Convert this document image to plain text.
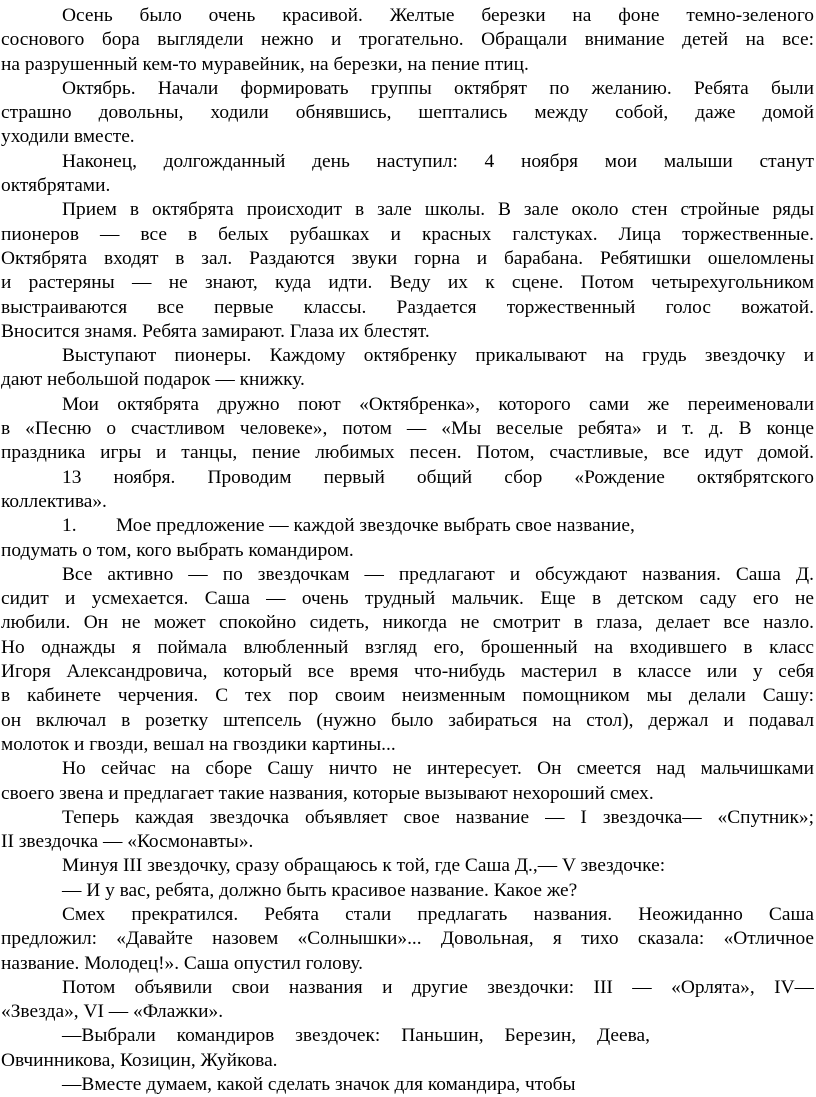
Осень было очень красивой. Желтые березки на фоне темно-зеленого
соснового бора выглядели нежно и трогательно. Обращали внимание детей на все:
на разрушенный кем-то муравейник, на березки, на пение птиц.
Октябрь. Начали формировать группы октябрят по желанию. Ребята были
страшно довольны, ходили обнявшись, шептались между собой, даже домой
уходили вместе.
Наконец, долгожданный день наступил: 4 ноября мои малыши станут
октябрятами.
Прием в октябрята происходит в зале школы. В зале около стен стройные ряды
пионеров — все в белых рубашках и красных галстуках. Лица торжественные.
Октябрята входят в зал. Раздаются звуки горна и барабана. Ребятишки ошеломлены
и растеряны — не знают, куда идти. Веду их к сцене. Потом четырехугольником
выстраиваются все первые классы. Раздается торжественный голос вожатой.
Вносится знамя. Ребята замирают. Глаза их блестят.
Выступают пионеры. Каждому октябренку прикалывают на грудь звездочку и
дают небольшой подарок — книжку.
Мои октябрята дружно поют «Октябренка», которого сами же переименовали
в «Песню о счастливом человеке», потом — «Мы веселые ребята» и т. д. В конце
праздника игры и танцы, пение любимых песен. Потом, счастливые, все идут домой.
13 ноября. Проводим первый общий сбор «Рождение октябрятского
коллектива».
1. Мое предложение — каждой звездочке выбрать свое название,
подумать о том, кого выбрать командиром.
Все активно — по звездочкам — предлагают и обсуждают названия. Саша Д.
сидит и усмехается. Саша — очень трудный мальчик. Еще в детском саду его не
любили. Он не может спокойно сидеть, никогда не смотрит в глаза, делает все назло.
Но однажды я поймала влюбленный взгляд его, брошенный на входившего в класс
Игоря Александровича, который все время что-нибудь мастерил в классе или у себя
в кабинете черчения. С тех пор своим неизменным помощником мы делали Сашу:
он включал в розетку штепсель (нужно было забираться на стол), держал и подавал
молоток и гвозди, вешал на гвоздики картины...
Но сейчас на сборе Сашу ничто не интересует. Он смеется над мальчишками
своего звена и предлагает такие названия, которые вызывают нехороший смех.
Теперь каждая звездочка объявляет свое название — I звездочка— «Спутник»;
II звездочка — «Космонавты».
Минуя III звездочку, сразу обращаюсь к той, где Саша Д.,— V звездочке:
— И у вас, ребята, должно быть красивое название. Какое же?
Смех прекратился. Ребята стали предлагать названия. Неожиданно Саша
предложил: «Давайте назовем «Солнышки»... Довольная, я тихо сказала: «Отличное
название. Молодец!». Саша опустил голову.
Потом объявили свои названия и другие звездочки: III — «Орлята», IV—
«Звезда», VI — «Флажки».
—Выбрали командиров звездочек: Паньшин, Березин, Деева,
Овчинникова, Козицин, Жуйкова.
—Вместе думаем, какой сделать значок для командира, чтобы
